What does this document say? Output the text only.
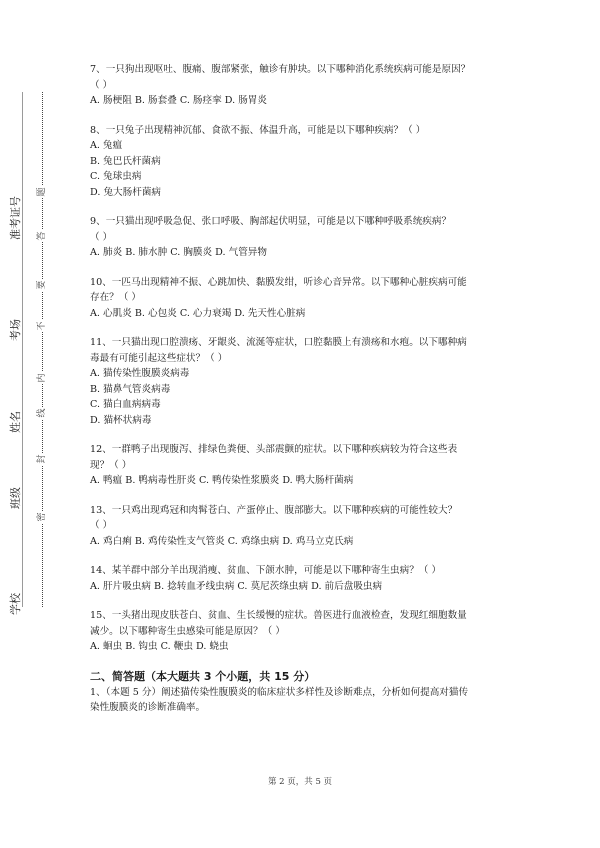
准考证号
考场
姓名
班级
学校
密
封
线
内
不
要
答
题

7、一只狗出现呕吐、腹痛、腹部紧张，触诊有肿块。以下哪种消化系统疾病可能是原因？

（ ）

A. 肠梗阻 B. 肠套叠 C. 肠痉挛 D. 肠胃炎

8、一只兔子出现精神沉郁、食欲不振、体温升高，可能是以下哪种疾病？（ ）

A. 兔瘟

B. 兔巴氏杆菌病

C. 兔球虫病

D. 兔大肠杆菌病

9、一只猫出现呼吸急促、张口呼吸、胸部起伏明显，可能是以下哪种呼吸系统疾病？

（ ）

A. 肺炎 B. 肺水肿 C. 胸膜炎 D. 气管异物

10、一匹马出现精神不振、心跳加快、黏膜发绀，听诊心音异常。以下哪种心脏疾病可能

存在？（ ）

A. 心肌炎 B. 心包炎 C. 心力衰竭 D. 先天性心脏病

11、一只猫出现口腔溃疡、牙龈炎、流涎等症状，口腔黏膜上有溃疡和水疱。以下哪种病

毒最有可能引起这些症状？（ ）

A. 猫传染性腹膜炎病毒

B. 猫鼻气管炎病毒

C. 猫白血病病毒

D. 猫杯状病毒

12、一群鸭子出现腹泻、排绿色粪便、头部震颤的症状。以下哪种疾病较为符合这些表

现？（ ）

A. 鸭瘟 B. 鸭病毒性肝炎 C. 鸭传染性浆膜炎 D. 鸭大肠杆菌病

13、一只鸡出现鸡冠和肉髯苍白、产蛋停止、腹部膨大。以下哪种疾病的可能性较大？

（ ）

A. 鸡白痢 B. 鸡传染性支气管炎 C. 鸡绦虫病 D. 鸡马立克氏病

14、某羊群中部分羊出现消瘦、贫血、下颌水肿，可能是以下哪种寄生虫病？（ ）

A. 肝片吸虫病 B. 捻转血矛线虫病 C. 莫尼茨绦虫病 D. 前后盘吸虫病

15、一头猪出现皮肤苍白、贫血、生长缓慢的症状。兽医进行血液检查，发现红细胞数量

减少。以下哪种寄生虫感染可能是原因？（ ）

A. 蛔虫 B. 钩虫 C. 鞭虫 D. 蛲虫

二、简答题（本大题共 3 个小题，共 15 分）

1、（本题 5 分）阐述猫传染性腹膜炎的临床症状多样性及诊断难点，分析如何提高对猫传

染性腹膜炎的诊断准确率。

第 2 页，共 5 页
